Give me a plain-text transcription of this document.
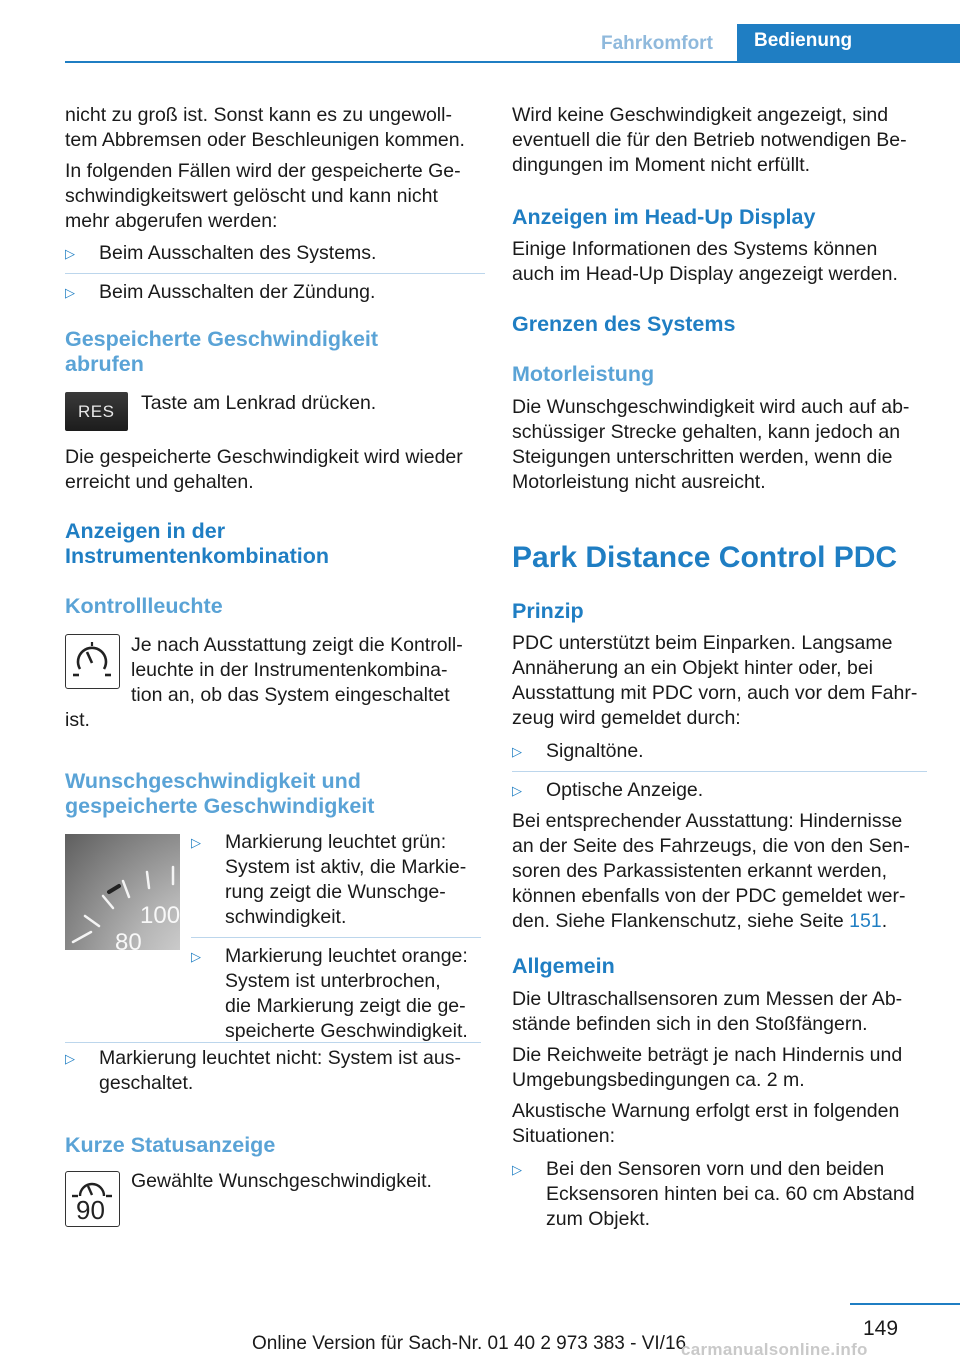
Fahrkomfort Bedienung
nicht zu groß ist. Sonst kann es zu ungewoll-
tem Abbremsen oder Beschleunigen kommen.
In folgenden Fällen wird der gespeicherte Ge-
schwindigkeitswert gelöscht und kann nicht
mehr abgerufen werden:
▷ Beim Ausschalten des Systems.
▷ Beim Ausschalten der Zündung.
Gespeicherte Geschwindigkeit
abrufen
RES Taste am Lenkrad drücken.
Die gespeicherte Geschwindigkeit wird wieder
erreicht und gehalten.
Anzeigen in der
Instrumentenkombination
Kontrollleuchte
Je nach Ausstattung zeigt die Kontroll-
leuchte in der Instrumentenkombina-
tion an, ob das System eingeschaltet
ist.
Wunschgeschwindigkeit und
gespeicherte Geschwindigkeit
100
80
▷ Markierung leuchtet grün:
System ist aktiv, die Markie-
rung zeigt die Wunschge-
schwindigkeit.
▷ Markierung leuchtet orange:
System ist unterbrochen,
die Markierung zeigt die ge-
speicherte Geschwindigkeit.
▷ Markierung leuchtet nicht: System ist aus-
geschaltet.
Kurze Statusanzeige
90
Gewählte Wunschgeschwindigkeit.
Wird keine Geschwindigkeit angezeigt, sind
eventuell die für den Betrieb notwendigen Be-
dingungen im Moment nicht erfüllt.
Anzeigen im Head-Up Display
Einige Informationen des Systems können
auch im Head-Up Display angezeigt werden.
Grenzen des Systems
Motorleistung
Die Wunschgeschwindigkeit wird auch auf ab-
schüssiger Strecke gehalten, kann jedoch an
Steigungen unterschritten werden, wenn die
Motorleistung nicht ausreicht.
Park Distance Control PDC
Prinzip
PDC unterstützt beim Einparken. Langsame
Annäherung an ein Objekt hinter oder, bei
Ausstattung mit PDC vorn, auch vor dem Fahr-
zeug wird gemeldet durch:
▷ Signaltöne.
▷ Optische Anzeige.
Bei entsprechender Ausstattung: Hindernisse
an der Seite des Fahrzeugs, die von den Sen-
soren des Parkassistenten erkannt werden,
können ebenfalls von der PDC gemeldet wer-
den. Siehe Flankenschutz, siehe Seite 151.
Allgemein
Die Ultraschallsensoren zum Messen der Ab-
stände befinden sich in den Stoßfängern.
Die Reichweite beträgt je nach Hindernis und
Umgebungsbedingungen ca. 2 m.
Akustische Warnung erfolgt erst in folgenden
Situationen:
▷ Bei den Sensoren vorn und den beiden
Ecksensoren hinten bei ca. 60 cm Abstand
zum Objekt.
149
Online Version für Sach-Nr. 01 40 2 973 383 - VI/16
carmanualsonline.info
